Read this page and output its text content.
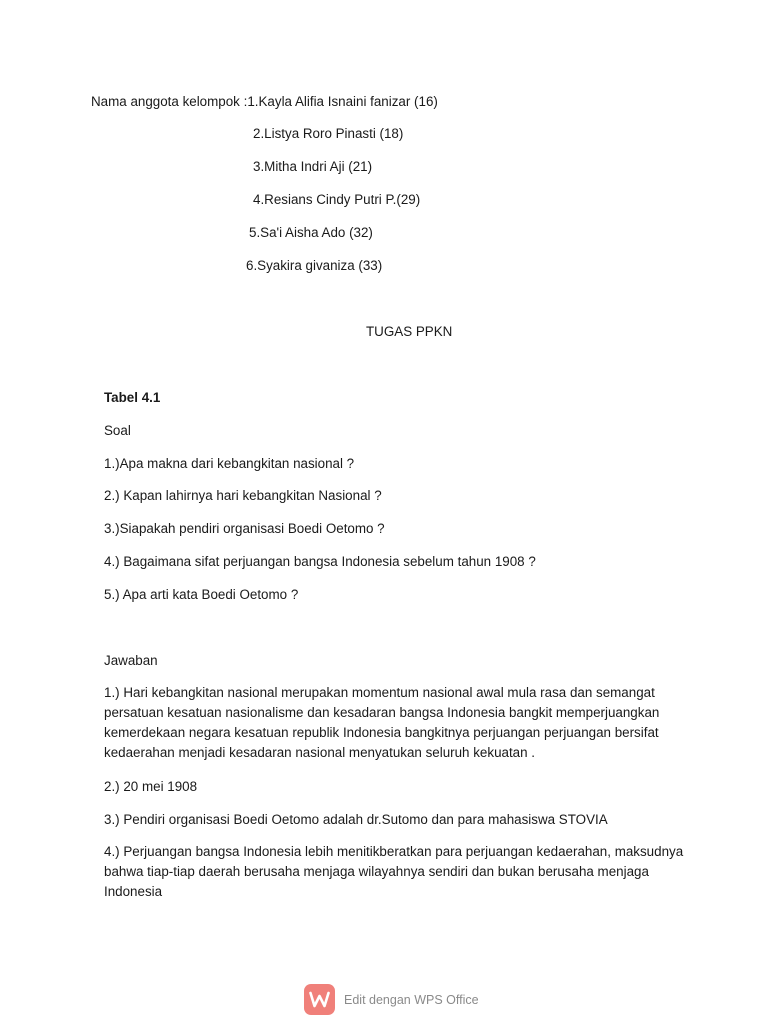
Nama anggota kelompok :1.Kayla Alifia Isnaini fanizar (16)
2.Listya Roro Pinasti (18)
3.Mitha Indri Aji (21)
4.Resians Cindy Putri P.(29)
5.Sa'i Aisha Ado (32)
6.Syakira givaniza (33)
TUGAS PPKN
Tabel 4.1
Soal
1.)Apa makna dari kebangkitan nasional ?
2.) Kapan lahirnya hari kebangkitan Nasional ?
3.)Siapakah pendiri organisasi Boedi Oetomo ?
4.) Bagaimana sifat perjuangan bangsa Indonesia sebelum tahun 1908 ?
5.) Apa arti kata Boedi Oetomo ?
Jawaban
1.) Hari kebangkitan nasional merupakan momentum nasional awal mula rasa dan semangat persatuan kesatuan nasionalisme dan kesadaran bangsa Indonesia bangkit memperjuangkan kemerdekaan negara kesatuan republik Indonesia bangkitnya perjuangan perjuangan bersifat kedaerahan menjadi kesadaran nasional menyatukan seluruh kekuatan .
2.) 20 mei 1908
3.) Pendiri organisasi Boedi Oetomo adalah dr.Sutomo dan para mahasiswa STOVIA
4.) Perjuangan bangsa Indonesia lebih menitikberatkan para perjuangan kedaerahan, maksudnya bahwa tiap-tiap daerah berusaha menjaga wilayahnya sendiri dan bukan berusaha menjaga Indonesia
Edit dengan WPS Office
